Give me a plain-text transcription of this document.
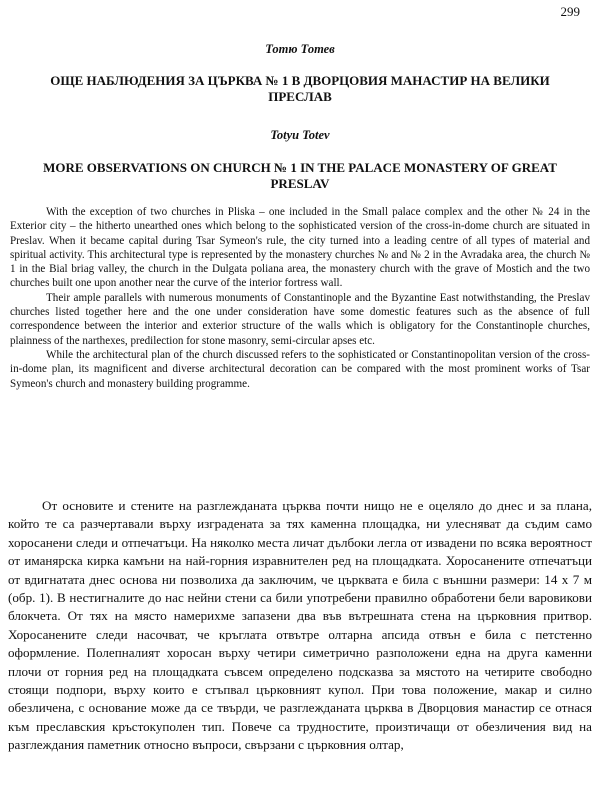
299
Тотю Тотев
ОЩЕ НАБЛЮДЕНИЯ ЗА ЦЪРКВА № 1 В ДВОРЦОВИЯ МАНАСТИР НА ВЕЛИКИ ПРЕСЛАВ
Totyu Totev
MORE OBSERVATIONS ON CHURCH № 1 IN THE PALACE MONASTERY OF GREAT PRESLAV

With the exception of two churches in Pliska – one included in the Small palace complex and the other № 24 in the Exterior city – the hitherto unearthed ones which belong to the sophisticated version of the cross-in-dome church are situated in Preslav. When it became capital during Tsar Symeon's rule, the city turned into a leading centre of all types of material and spiritual activity. This architectural type is represented by the monastery churches № and № 2 in the Avradaka area, the church № 1 in the Bial briag valley, the church in the Dulgata poliana area, the monastery church with the grave of Mostich and the two churches built one upon another near the curve of the interior fortress wall.

Their ample parallels with numerous monuments of Constantinople and the Byzantine East notwithstanding, the Preslav churches listed together here and the one under consideration have some domestic features such as the absence of full correspondence between the interior and exterior structure of the walls which is obligatory for the Constantinople churches, plainness of the narthexes, predilection for stone masonry, semi-circular apses etc.

While the architectural plan of the church discussed refers to the sophisticated or Constantinopolitan version of the cross-in-dome plan, its magnificent and diverse architectural decoration can be compared with the most prominent works of Tsar Symeon's church and monastery building programme.

От основите и стените на разглежданата църква почти нищо не е оцеляло до днес и за плана, който те са разчертавали върху изградената за тях каменна площадка, ни улесняват да съдим само хоросанени следи и отпечатъци. На няколко места личат дълбоки легла от извадени по всяка вероятност от иманярска кирка камъни на най-горния изравнителен ред на площадката. Хоросанените отпечатъци от вдигнатата днес основа ни позволиха да заключим, че църквата е била с външни размери: 14 х 7 м (обр. 1). В нестигналите до нас нейни стени са били употребени правилно обработени бели варовикови блокчета. От тях на място намерихме запазени два във вътрешната стена на църковния притвор. Хоросанените следи насочват, че кръглата отвътре олтарна апсида отвън е била с петстенно оформление. Полепналият хоросан върху четири симетрично разположени една на друга каменни плочи от горния ред на площадката съвсем определено подсказва за мястото на четирите свободно стоящи подпори, върху които е стъпвал църковният купол. При това положение, макар и силно обезличена, с основание може да се твърди, че разглежданата църква в Дворцовия манастир се отнася към преславския кръстокуполен тип. Повече са трудностите, произтичащи от обезличения вид на разглеждания паметник относно въпроси, свързани с църковния олтар,
